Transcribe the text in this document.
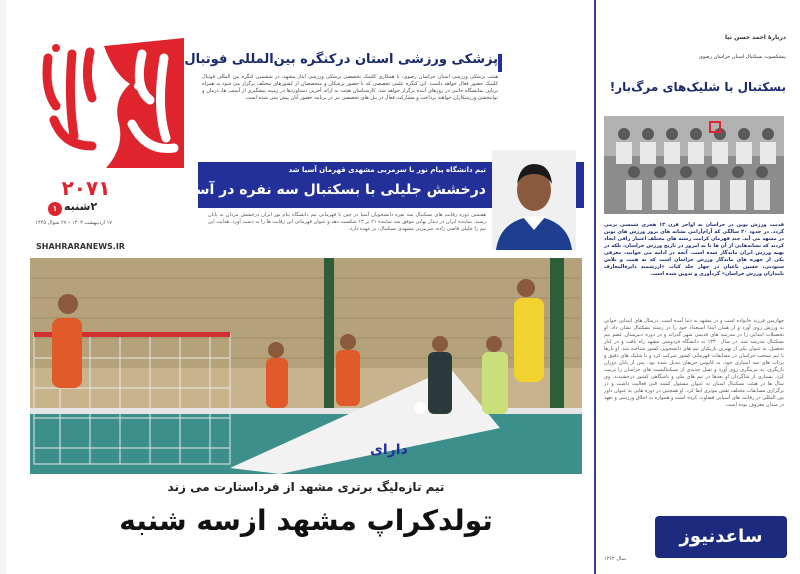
۲۰۷۱
۱ ۲شنبه
۱۷ اردیبهشت ۱۴۰۳ – ۲۷ شوال ۱۴۴۵
SHAHRARANEWS.IR
پزشکی ورزشی استان درکنگره بین‌المللی فوتبال
هیئت پزشکی ورزشی استان خراسان رضوی، با همکاری کلینیک تخصصی پزشکی ورزشی ایثار مشهد، در ششمین کنگره بین المللی فوتبال کلینیک حضور فعال خواهد داشت. این کنگره علمی تخصصی که با حضور پزشکان و متخصصان از کشورهای مختلف برگزار می شود به همراه برپایی نمایشگاه جانبی در روزهای آینده برگزار خواهد شد. کارشناسان هیئت به ارائه آخرین دستاوردها در زمینه پیشگیری از آسیب ها، درمان و توانبخشی ورزشکاران خواهند پرداخت و مشارکت فعال در پنل های تخصصی نیز در برنامه حضور آنان پیش بینی شده است.
تیم دانشگاه پیام نور با سرمربی مشهدی قهرمان آسیا شد
درخشش جلیلی با بسکتبال سه نفره در آسیا
هفتمین دوره رقابت های بسکتبال سه نفره دانشجویان آسیا در چین با قهرمانی تیم دانشگاه پیام نور ایران درخشش مردان به پایان رسید. نماینده ایران در دیدار نهایی موفق شد نماینده ۲۱ بر ۱۳ شکست دهد و عنوان قهرمانی این رقابت ها را به دست آورد. هدایت این تیم را جلیلی قاضی زاده، سرمربی مشهدی بسکتبال، بر عهده دارد.
دارای
تیم تازه‌لیگ برتری مشهد از فرداستارت می زند
تولدکراپ مشهد ازسه شنبه
دربارۀ احمد حسن نیا
پیشکسوت بسکتبال استان خراسان رضوی
بسکتبال با شلیک‌های مرگ‌بار!
قدمت ورزش نوین در خراسان به اواخر قرن ۱۳ هجری شمسی برمی گردد. در حدود ۲۰ سالگی که آرام‌آرامی نشانه های بروز ورزش های نوین در مشهد می آید. چند قهرمان کرامت رشته های مختلف اعتبار رافی ایجاد کردند که نشانه‌هایی از آن ها تا به امروز در تاریخ ورزش خراسان، بلکه در پهنه ورزش ایران ماندگار شده است. آنچه در ادامه می خوانید، معرفی یکی از چهره های ماندگار ورزش خراسان است که به همت و تلاش ستودنی، حسین یاغیان در چهار جلد کتاب «ارزشمند دایرةالمعارف نامداران ورزش خراسان» گردآوری و تدوین شده است.
چهارمین فرزند خانواده است و در مشهد به دنیا آمده است. درسال های ابتدایی جوانی به ورزش روی آورد و از همان ابتدا استعداد خود را در رشته بسکتبال نشان داد. او تحصیلات ابتدایی را در مدرسه های قدیمی شهر گذراند و در دوره دبیرستان عضو تیم بسکتبال مدرسه شد. در سال ۱۳۴۰ به دانشگاه فردوسی مشهد راه یافت و در کنار تحصیل، به عنوان یکی از بهترین بازیکنان تیم های دانشجویی کشور شناخته شد. او بارها با تیم منتخب خراسان در مسابقات قهرمانی کشور شرکت کرد و با شلیک های دقیق و پرتاب های سه امتیازی خود، به کابوس حریفان تبدیل شده بود. پس از پایان دوران بازیگری، به مربیگری روی آورد و نسل جدیدی از بسکتبالیست های خراسان را تربیت کرد. بسیاری از شاگردان او بعدها در تیم های ملی و باشگاهی کشور درخشیدند. وی سال ها در هیئت بسکتبال استان به عنوان مسئول کمیته فنی فعالیت داشت و در برگزاری مسابقات مختلف نقش موثری ایفا کرد. او همچنین در دوره هایی به عنوان داور بین المللی در رقابت های آسیایی قضاوت کرده است و همواره به اخلاق ورزشی و تعهد در میدان معروف بوده است.
سال ۱۳۶۴.
ساعدنیوز
